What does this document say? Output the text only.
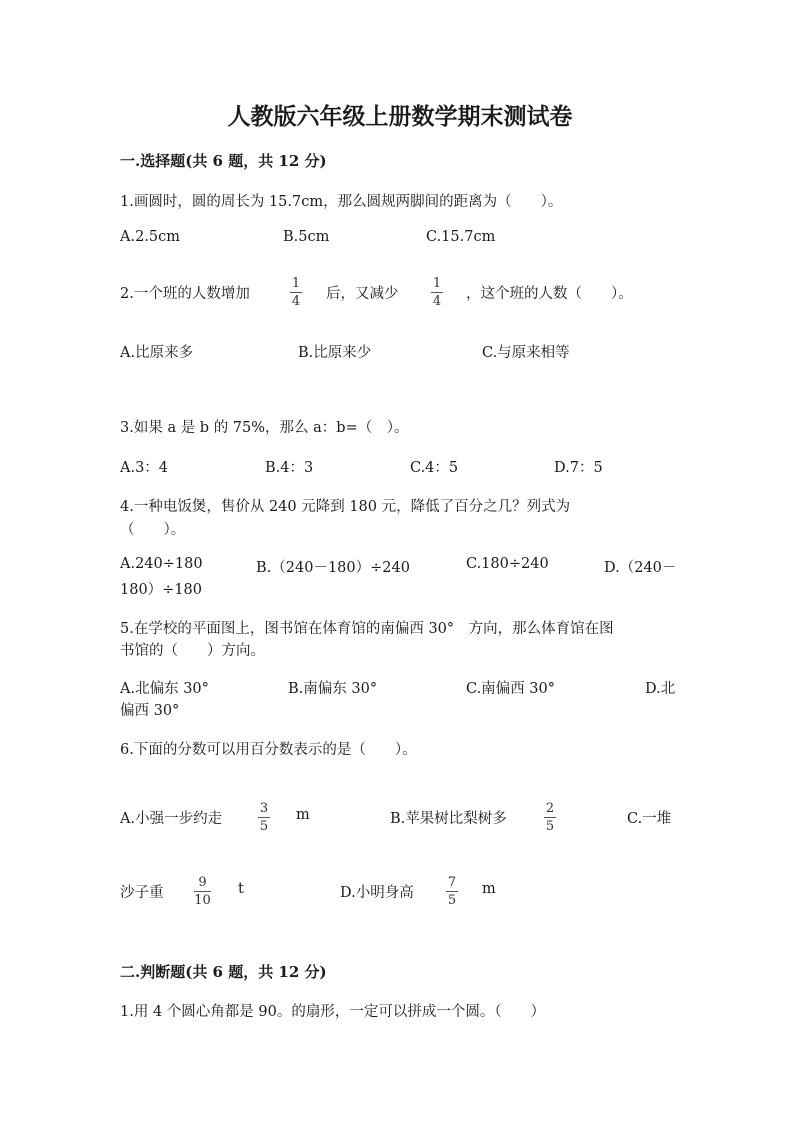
人教版六年级上册数学期末测试卷
一.选择题(共 6 题，共 12 分)
1.画圆时，圆的周长为 15.7cm，那么圆规两脚间的距离为（　　）。
A.2.5cm	B.5cm	C.15.7cm
2.一个班的人数增加
1
4 后，又减少
1
4 ，这个班的人数（　　）。
A.比原来多	B.比原来少	C.与原来相等
3.如果 a 是 b 的 75%，那么 a：b=（　）。
A.3：4	B.4：3	C.4：5	D.7：5
4.一种电饭煲，售价从 240 元降到 180 元，降低了百分之几？列式为
（　　）。
A.240÷180	B.（240－180）÷240	C.180÷240	D.（240－
180）÷180
5.在学校的平面图上，图书馆在体育馆的南偏西 30°　方向，那么体育馆在图
书馆的（　　）方向。
A.北偏东 30°	B.南偏东 30°	C.南偏西 30°	D.北
偏西 30°
6.下面的分数可以用百分数表示的是（　　）。
A.小强一步约走
3
5
m	B.苹果树比梨树多
2
5	C.一堆
沙子重
9
10
t	D.小明身高
7
5
m
二.判断题(共 6 题，共 12 分)
1.用 4 个圆心角都是 90。的扇形，一定可以拼成一个圆。（　　）
